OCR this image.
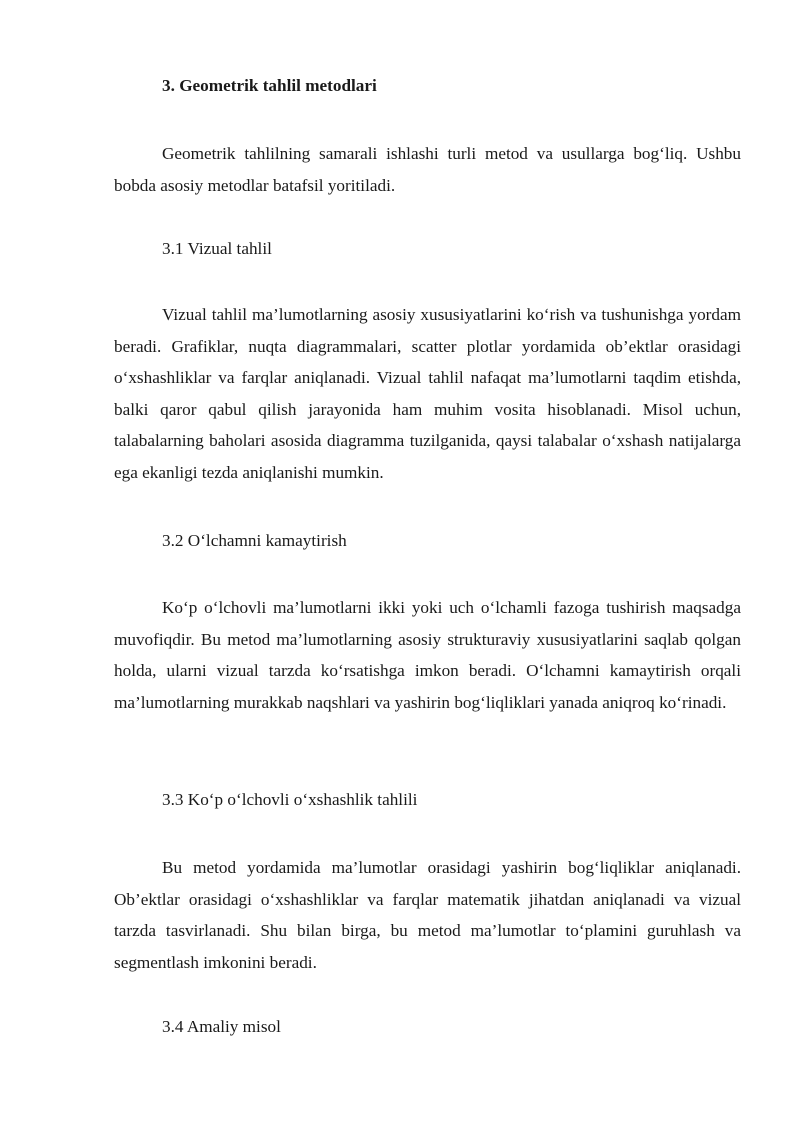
3. Geometrik tahlil metodlari

Geometrik tahlilning samarali ishlashi turli metod va usullarga bog‘liq. Ushbu bobda asosiy metodlar batafsil yoritiladi.

3.1 Vizual tahlil

Vizual tahlil ma’lumotlarning asosiy xususiyatlarini ko‘rish va tushunishga yordam beradi. Grafiklar, nuqta diagrammalari, scatter plotlar yordamida ob’ektlar orasidagi o‘xshashliklar va farqlar aniqlanadi. Vizual tahlil nafaqat ma’lumotlarni taqdim etishda, balki qaror qabul qilish jarayonida ham muhim vosita hisoblanadi. Misol uchun, talabalarning baholari asosida diagramma tuzilganida, qaysi talabalar o‘xshash natijalarga ega ekanligi tezda aniqlanishi mumkin.

3.2 O‘lchamni kamaytirish

Ko‘p o‘lchovli ma’lumotlarni ikki yoki uch o‘lchamli fazoga tushirish maqsadga muvofiqdir. Bu metod ma’lumotlarning asosiy strukturaviy xususiyatlarini saqlab qolgan holda, ularni vizual tarzda ko‘rsatishga imkon beradi. O‘lchamni kamaytirish orqali ma’lumotlarning murakkab naqshlari va yashirin bog‘liqliklari yanada aniqroq ko‘rinadi.

3.3 Ko‘p o‘lchovli o‘xshashlik tahlili

Bu metod yordamida ma’lumotlar orasidagi yashirin bog‘liqliklar aniqlanadi. Ob’ektlar orasidagi o‘xshashliklar va farqlar matematik jihatdan aniqlanadi va vizual tarzda tasvirlanadi. Shu bilan birga, bu metod ma’lumotlar to‘plamini guruhlash va segmentlash imkonini beradi.

3.4 Amaliy misol
